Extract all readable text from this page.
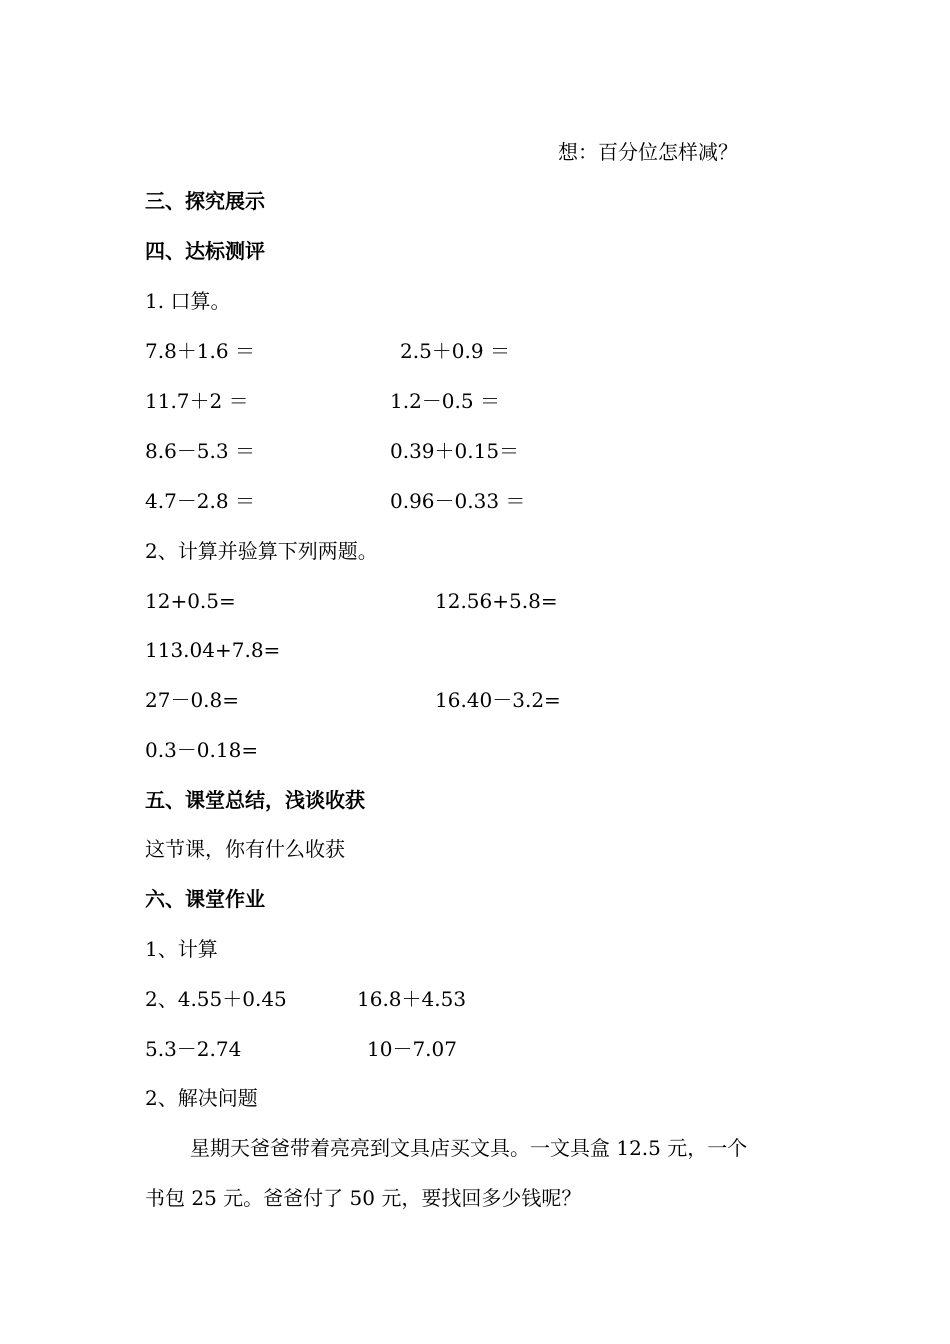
想：百分位怎样减？
三、探究展示
四、达标测评
1. 口算。
7.8＋1.6 ＝	2.5＋0.9 ＝
11.7＋2 ＝	1.2－0.5 ＝
8.6－5.3 ＝	0.39＋0.15＝
4.7－2.8 ＝	0.96－0.33 ＝
2、计算并验算下列两题。
12+0.5=	12.56+5.8=
113.04+7.8=
27－0.8=	16.40－3.2=
0.3－0.18=
五、课堂总结，浅谈收获
这节课，你有什么收获
六、课堂作业
1、计算
2、4.55＋0.45	16.8＋4.53
5.3－2.74	10－7.07
2、解决问题
星期天爸爸带着亮亮到文具店买文具。一文具盒 12.5 元，一个
书包 25 元。爸爸付了 50 元，要找回多少钱呢？
